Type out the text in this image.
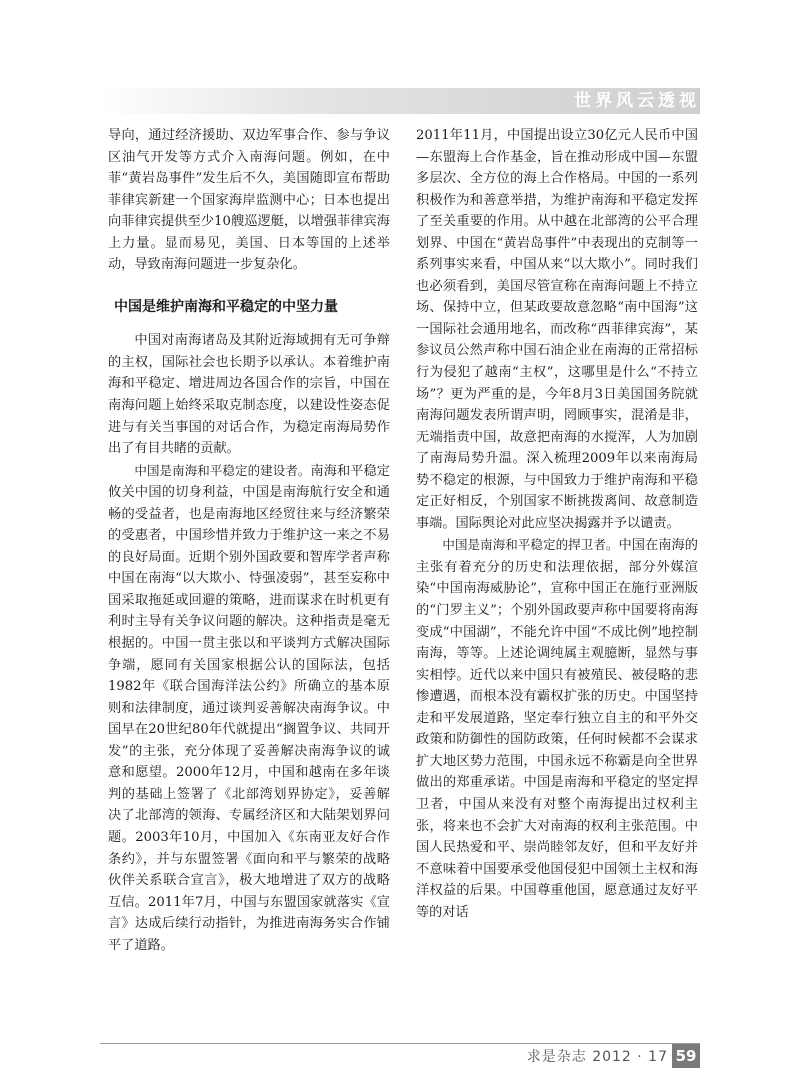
世界风云透视

导向，通过经济援助、双边军事合作、参与争议区油气开发等方式介入南海问题。例如，在中菲“黄岩岛事件”发生后不久，美国随即宣布帮助菲律宾新建一个国家海岸监测中心；日本也提出向菲律宾提供至少10艘巡逻艇，以增强菲律宾海上力量。显而易见，美国、日本等国的上述举动，导致南海问题进一步复杂化。

中国是维护南海和平稳定的中坚力量

中国对南海诸岛及其附近海域拥有无可争辩的主权，国际社会也长期予以承认。本着维护南海和平稳定、增进周边各国合作的宗旨，中国在南海问题上始终采取克制态度，以建设性姿态促进与有关当事国的对话合作，为稳定南海局势作出了有目共睹的贡献。

中国是南海和平稳定的建设者。南海和平稳定攸关中国的切身利益，中国是南海航行安全和通畅的受益者，也是南海地区经贸往来与经济繁荣的受惠者，中国珍惜并致力于维护这一来之不易的良好局面。近期个别外国政要和智库学者声称中国在南海“以大欺小、恃强凌弱”，甚至妄称中国采取拖延或回避的策略，进而谋求在时机更有利时主导有关争议问题的解决。这种指责是毫无根据的。中国一贯主张以和平谈判方式解决国际争端，愿同有关国家根据公认的国际法，包括1982年《联合国海洋法公约》所确立的基本原则和法律制度，通过谈判妥善解决南海争议。中国早在20世纪80年代就提出“搁置争议、共同开发”的主张，充分体现了妥善解决南海争议的诚意和愿望。2000年12月，中国和越南在多年谈判的基础上签署了《北部湾划界协定》，妥善解决了北部湾的领海、专属经济区和大陆架划界问题。2003年10月，中国加入《东南亚友好合作条约》，并与东盟签署《面向和平与繁荣的战略伙伴关系联合宣言》，极大地增进了双方的战略互信。2011年7月，中国与东盟国家就落实《宣言》达成后续行动指针，为推进南海务实合作铺平了道路。

2011年11月，中国提出设立30亿元人民币中国—东盟海上合作基金，旨在推动形成中国—东盟多层次、全方位的海上合作格局。中国的一系列积极作为和善意举措，为维护南海和平稳定发挥了至关重要的作用。从中越在北部湾的公平合理划界、中国在“黄岩岛事件”中表现出的克制等一系列事实来看，中国从来“以大欺小”。同时我们也必须看到，美国尽管宣称在南海问题上不持立场、保持中立，但某政要故意忽略“南中国海”这一国际社会通用地名，而改称“西菲律宾海”，某参议员公然声称中国石油企业在南海的正常招标行为侵犯了越南“主权”，这哪里是什么“不持立场”？更为严重的是，今年8月3日美国国务院就南海问题发表所谓声明，罔顾事实，混淆是非，无端指责中国，故意把南海的水搅浑，人为加剧了南海局势升温。深入梳理2009年以来南海局势不稳定的根源，与中国致力于维护南海和平稳定正好相反，个别国家不断挑拨离间、故意制造事端。国际舆论对此应坚决揭露并予以谴责。

中国是南海和平稳定的捍卫者。中国在南海的主张有着充分的历史和法理依据，部分外媒渲染“中国南海威胁论”，宣称中国正在施行亚洲版的“门罗主义”；个别外国政要声称中国要将南海变成“中国湖”，不能允许中国“不成比例”地控制南海，等等。上述论调纯属主观臆断，显然与事实相悖。近代以来中国只有被殖民、被侵略的悲惨遭遇，而根本没有霸权扩张的历史。中国坚持走和平发展道路，坚定奉行独立自主的和平外交政策和防御性的国防政策，任何时候都不会谋求扩大地区势力范围，中国永远不称霸是向全世界做出的郑重承诺。中国是南海和平稳定的坚定捍卫者，中国从来没有对整个南海提出过权利主张，将来也不会扩大对南海的权利主张范围。中国人民热爱和平、崇尚睦邻友好，但和平友好并不意味着中国要承受他国侵犯中国领土主权和海洋权益的后果。中国尊重他国，愿意通过友好平等的对话

求是杂志 2012 · 17 59
